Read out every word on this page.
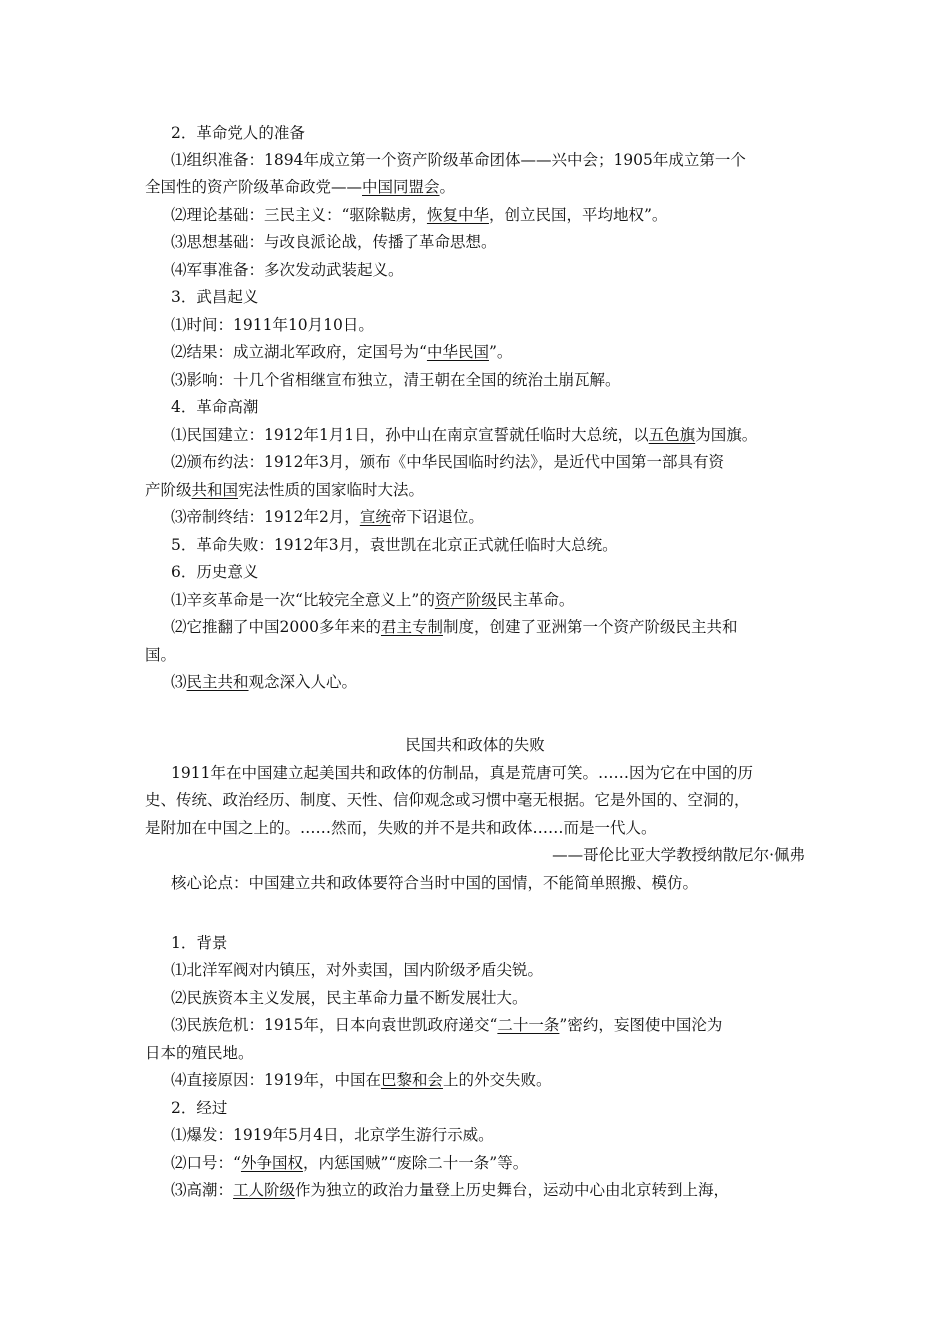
2．革命党人的准备
⑴组织准备：1894年成立第一个资产阶级革命团体——兴中会；1905年成立第一个
全国性的资产阶级革命政党——中国同盟会。
⑵理论基础：三民主义：“驱除鞑虏，恢复中华，创立民国，平均地权”。
⑶思想基础：与改良派论战，传播了革命思想。
⑷军事准备：多次发动武装起义。
3．武昌起义
⑴时间：1911年10月10日。
⑵结果：成立湖北军政府，定国号为“中华民国”。
⑶影响：十几个省相继宣布独立，清王朝在全国的统治土崩瓦解。
4．革命高潮
⑴民国建立：1912年1月1日，孙中山在南京宣誓就任临时大总统，以五色旗为国旗。
⑵颁布约法：1912年3月，颁布《中华民国临时约法》，是近代中国第一部具有资
产阶级共和国宪法性质的国家临时大法。
⑶帝制终结：1912年2月，宣统帝下诏退位。
5．革命失败：1912年3月，袁世凯在北京正式就任临时大总统。
6．历史意义
⑴辛亥革命是一次“比较完全意义上”的资产阶级民主革命。
⑵它推翻了中国2000多年来的君主专制制度，创建了亚洲第一个资产阶级民主共和
国。
⑶民主共和观念深入人心。
民国共和政体的失败
1911年在中国建立起美国共和政体的仿制品，真是荒唐可笑。……因为它在中国的历
史、传统、政治经历、制度、天性、信仰观念或习惯中毫无根据。它是外国的、空洞的，
是附加在中国之上的。……然而，失败的并不是共和政体……而是一代人。
——哥伦比亚大学教授纳散尼尔·佩弗
核心论点：中国建立共和政体要符合当时中国的国情，不能简单照搬、模仿。
1．背景
⑴北洋军阀对内镇压，对外卖国，国内阶级矛盾尖锐。
⑵民族资本主义发展，民主革命力量不断发展壮大。
⑶民族危机：1915年，日本向袁世凯政府递交“二十一条”密约，妄图使中国沦为
日本的殖民地。
⑷直接原因：1919年，中国在巴黎和会上的外交失败。
2．经过
⑴爆发：1919年5月4日，北京学生游行示威。
⑵口号：“外争国权，内惩国贼”“废除二十一条”等。
⑶高潮：工人阶级作为独立的政治力量登上历史舞台，运动中心由北京转到上海，
